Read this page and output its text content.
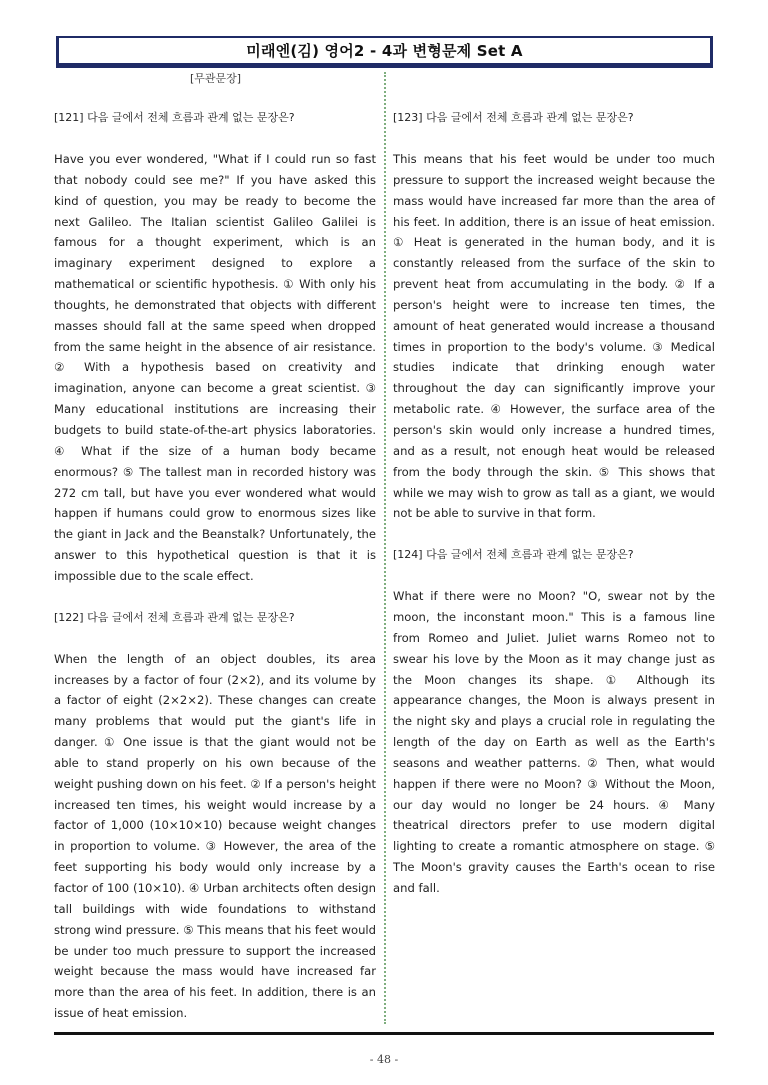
미래엔(김) 영어2 - 4과 변형문제 Set A
[무관문장]
[121] 다음 글에서 전체 흐름과 관계 없는 문장은?
Have you ever wondered, "What if I could run so fast that nobody could see me?" If you have asked this kind of question, you may be ready to become the next Galileo. The Italian scientist Galileo Galilei is famous for a thought experiment, which is an imaginary experiment designed to explore a mathematical or scientific hypothesis. ① With only his thoughts, he demonstrated that objects with different masses should fall at the same speed when dropped from the same height in the absence of air resistance. ② With a hypothesis based on creativity and imagination, anyone can become a great scientist. ③ Many educational institutions are increasing their budgets to build state-of-the-art physics laboratories. ④ What if the size of a human body became enormous? ⑤ The tallest man in recorded history was 272 cm tall, but have you ever wondered what would happen if humans could grow to enormous sizes like the giant in Jack and the Beanstalk? Unfortunately, the answer to this hypothetical question is that it is impossible due to the scale effect.
[122] 다음 글에서 전체 흐름과 관계 없는 문장은?
When the length of an object doubles, its area increases by a factor of four (2×2), and its volume by a factor of eight (2×2×2). These changes can create many problems that would put the giant's life in danger. ① One issue is that the giant would not be able to stand properly on his own because of the weight pushing down on his feet. ② If a person's height increased ten times, his weight would increase by a factor of 1,000 (10×10×10) because weight changes in proportion to volume. ③ However, the area of the feet supporting his body would only increase by a factor of 100 (10×10). ④ Urban architects often design tall buildings with wide foundations to withstand strong wind pressure. ⑤ This means that his feet would be under too much pressure to support the increased weight because the mass would have increased far more than the area of his feet. In addition, there is an issue of heat emission.
[123] 다음 글에서 전체 흐름과 관계 없는 문장은?
This means that his feet would be under too much pressure to support the increased weight because the mass would have increased far more than the area of his feet. In addition, there is an issue of heat emission. ① Heat is generated in the human body, and it is constantly released from the surface of the skin to prevent heat from accumulating in the body. ② If a person's height were to increase ten times, the amount of heat generated would increase a thousand times in proportion to the body's volume. ③ Medical studies indicate that drinking enough water throughout the day can significantly improve your metabolic rate. ④ However, the surface area of the person's skin would only increase a hundred times, and as a result, not enough heat would be released from the body through the skin. ⑤ This shows that while we may wish to grow as tall as a giant, we would not be able to survive in that form.
[124] 다음 글에서 전체 흐름과 관계 없는 문장은?
What if there were no Moon? "O, swear not by the moon, the inconstant moon." This is a famous line from Romeo and Juliet. Juliet warns Romeo not to swear his love by the Moon as it may change just as the Moon changes its shape. ① Although its appearance changes, the Moon is always present in the night sky and plays a crucial role in regulating the length of the day on Earth as well as the Earth's seasons and weather patterns. ② Then, what would happen if there were no Moon? ③ Without the Moon, our day would no longer be 24 hours. ④ Many theatrical directors prefer to use modern digital lighting to create a romantic atmosphere on stage. ⑤ The Moon's gravity causes the Earth's ocean to rise and fall.
- 48 -
